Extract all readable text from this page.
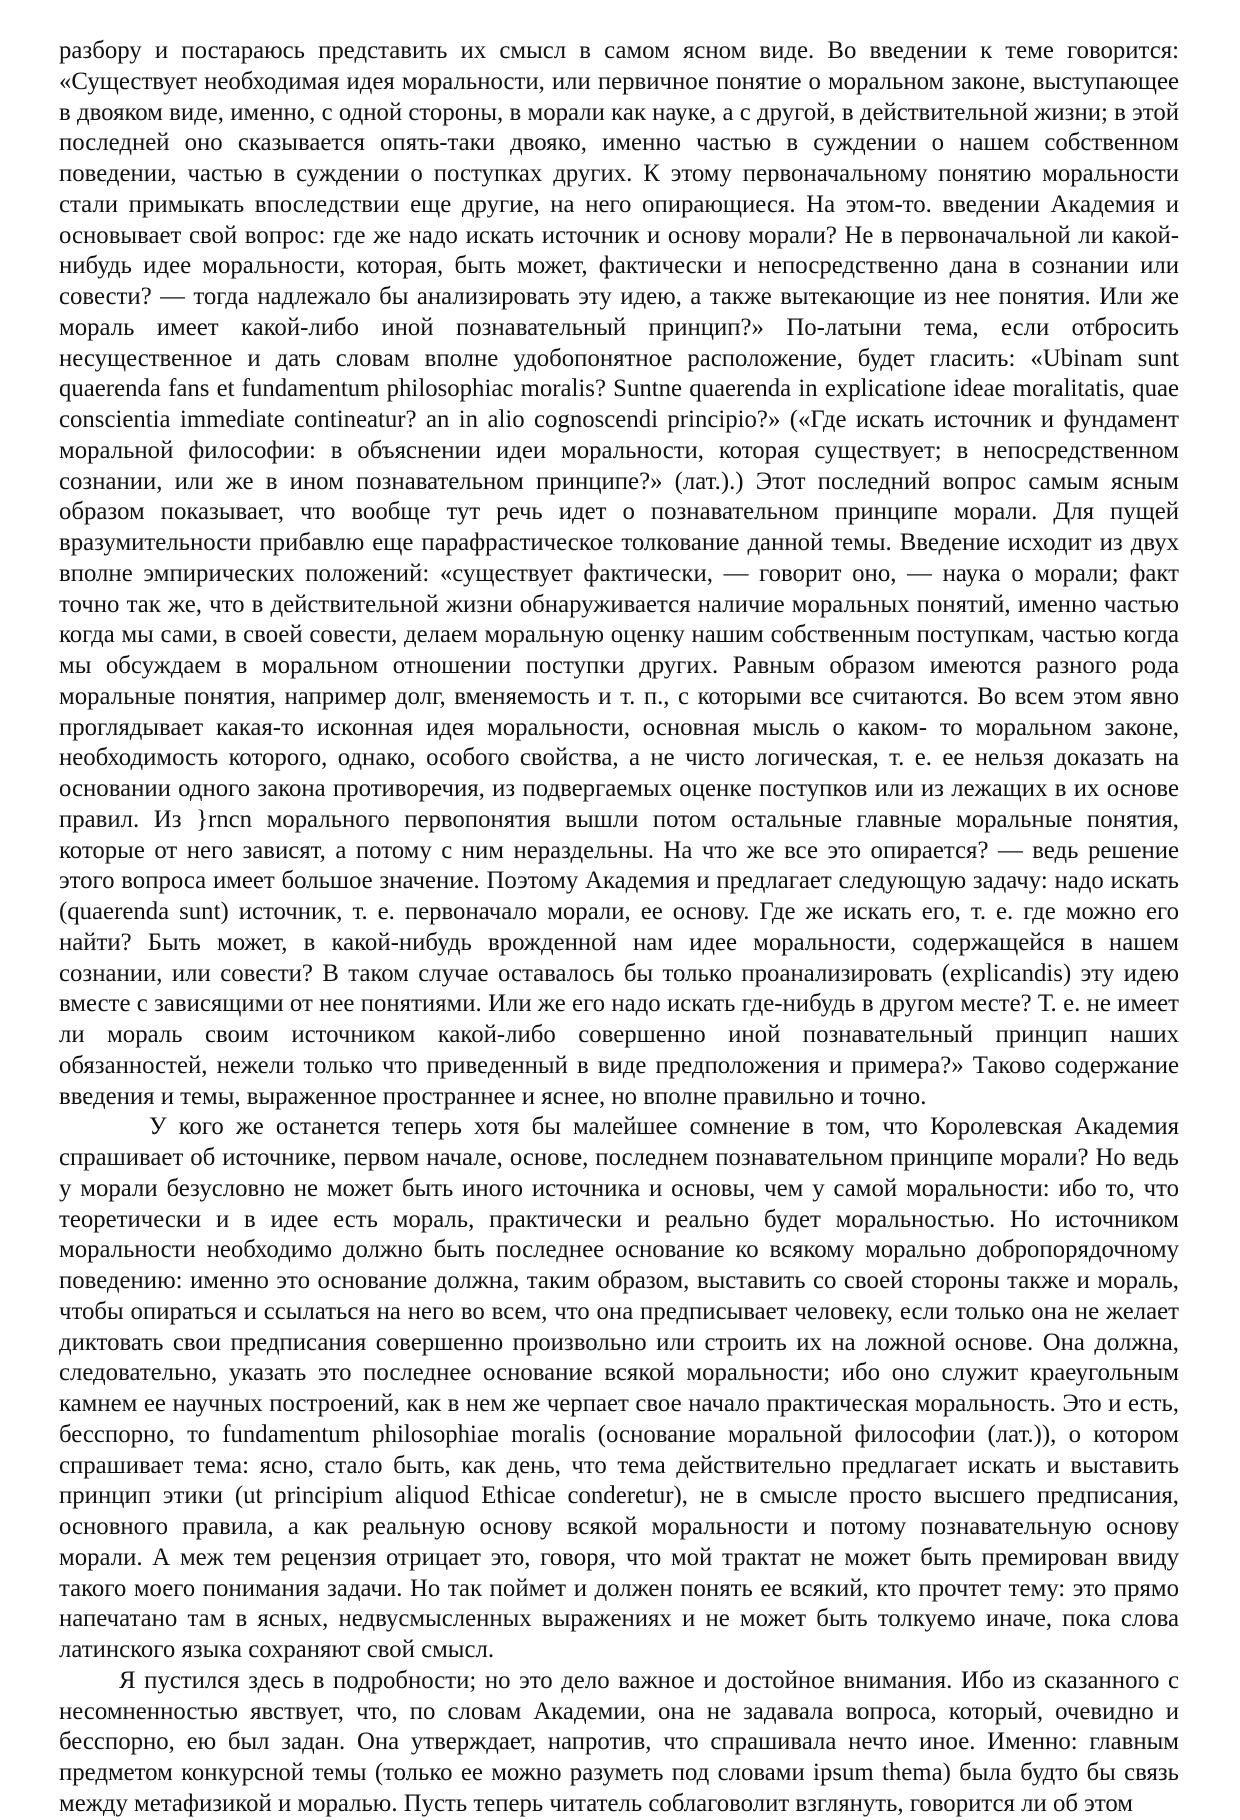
разбору и постараюсь представить их смысл в самом ясном виде. Во введении к теме говорится: «Существует необходимая идея моральности, или первичное понятие о моральном законе, выступающее в двояком виде, именно, с одной стороны, в морали как науке, а с другой, в действительной жизни; в этой последней оно сказывается опять-таки двояко, именно частью в суждении о нашем собственном поведении, частью в суждении о поступках других. К этому первоначальному понятию моральности стали примыкать впоследствии еще другие, на него опирающиеся. На этом-то. введении Академия и основывает свой вопрос: где же надо искать источник и основу морали? Не в первоначальной ли какой-нибудь идее моральности, которая, быть может, фактически и непосредственно дана в сознании или совести? — тогда надлежало бы анализировать эту идею, а также вытекающие из нее понятия. Или же мораль имеет какой-либо иной познавательный принцип?» По-латыни тема, если отбросить несущественное и дать словам вполне удобопонятное расположение, будет гласить: «Ubinam sunt quaerenda fans et fundamentum philosophiac moralis? Suntne quaerenda in explicatione ideae moralitatis, quae conscientia immediate contineatur? an in alio cognoscendi principio?» («Где искать источник и фундамент моральной философии: в объяснении идеи моральности, которая существует; в непосредственном сознании, или же в ином познавательном принципе?» (лат.).) Этот последний вопрос самым ясным образом показывает, что вообще тут речь идет о познавательном принципе морали. Для пущей вразумительности прибавлю еще парафрастическое толкование данной темы. Введение исходит из двух вполне эмпирических положений: «существует фактически, — говорит оно, — наука о морали; факт точно так же, что в действительной жизни обнаруживается наличие моральных понятий, именно частью когда мы сами, в своей совести, делаем моральную оценку нашим собственным поступкам, частью когда мы обсуждаем в моральном отношении поступки других. Равным образом имеются разного рода моральные понятия, например долг, вменяемость и т. п., с которыми все считаются. Во всем этом явно проглядывает какая-то исконная идея моральности, основная мысль о каком- то моральном законе, необходимость которого, однако, особого свойства, а не чисто логическая, т. е. ее нельзя доказать на основании одного закона противоречия, из подвергаемых оценке поступков или из лежащих в их основе правил. Из }rncn морального первопонятия вышли потом остальные главные моральные понятия, которые от него зависят, а потому с ним нераздельны. На что же все это опирается? — ведь решение этого вопроса имеет большое значение. Поэтому Академия и предлагает следующую задачу: надо искать (quaerenda sunt) источник, т. е. первоначало морали, ее основу. Где же искать его, т. е. где можно его найти? Быть может, в какой-нибудь врожденной нам идее моральности, содержащейся в нашем сознании, или совести? В таком случае оставалось бы только проанализировать (explicandis) эту идею вместе с зависящими от нее понятиями. Или же его надо искать где-нибудь в другом месте? Т. е. не имеет ли мораль своим источником какой-либо совершенно иной познавательный принцип наших обязанностей, нежели только что приведенный в виде предположения и примера?» Таково содержание введения и темы, выраженное пространнее и яснее, но вполне правильно и точно.

У кого же останется теперь хотя бы малейшее сомнение в том, что Королевская Академия спрашивает об источнике, первом начале, основе, последнем познавательном принципе морали? Но ведь у морали безусловно не может быть иного источника и основы, чем у самой моральности: ибо то, что теоретически и в идее есть мораль, практически и реально будет моральностью. Но источником моральности необходимо должно быть последнее основание ко всякому морально добропорядочному поведению: именно это основание должна, таким образом, выставить со своей стороны также и мораль, чтобы опираться и ссылаться на него во всем, что она предписывает человеку, если только она не желает диктовать свои предписания совершенно произвольно или строить их на ложной основе. Она должна, следовательно, указать это последнее основание всякой моральности; ибо оно служит краеугольным камнем ее научных построений, как в нем же черпает свое начало практическая моральность. Это и есть, бесспорно, то fundamentum philosophiae moralis (основание моральной философии (лат.)), о котором спрашивает тема: ясно, стало быть, как день, что тема действительно предлагает искать и выставить принцип этики (ut principium aliquod Ethicae conderetur), не в смысле просто высшего предписания, основного правила, а как реальную основу всякой моральности и потому познавательную основу морали. А меж тем рецензия отрицает это, говоря, что мой трактат не может быть премирован ввиду такого моего понимания задачи. Но так поймет и должен понять ее всякий, кто прочтет тему: это прямо напечатано там в ясных, недвусмысленных выражениях и не может быть толкуемо иначе, пока слова латинского языка сохраняют свой смысл.

Я пустился здесь в подробности; но это дело важное и достойное внимания. Ибо из сказанного с несомненностью явствует, что, по словам Академии, она не задавала вопроса, который, очевидно и бесспорно, ею был задан. Она утверждает, напротив, что спрашивала нечто иное. Именно: главным предметом конкурсной темы (только ее можно разуметь под словами ipsum thema) была будто бы связь между метафизикой и моралью. Пусть теперь читатель соблаговолит взглянуть, говорится ли об этом
